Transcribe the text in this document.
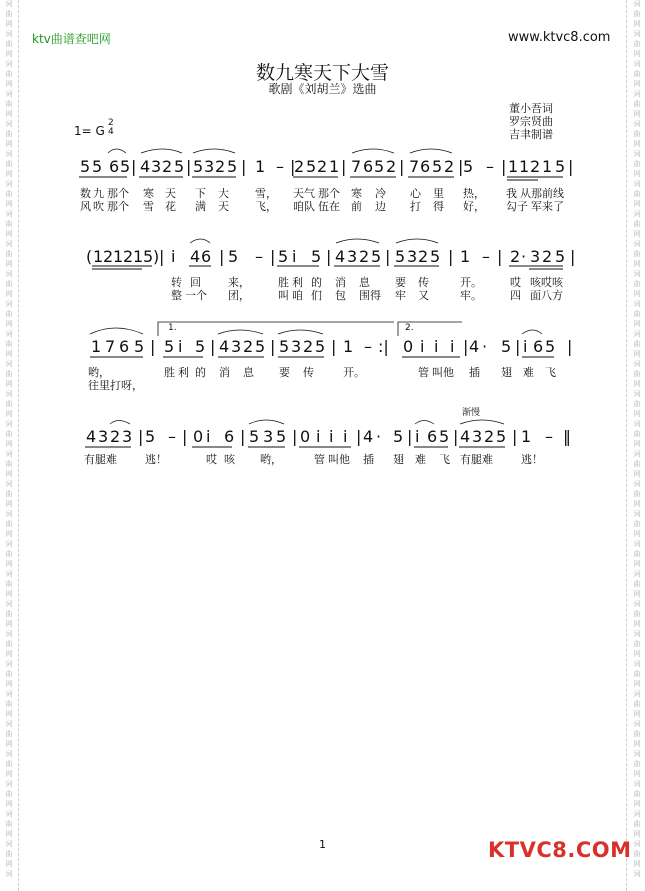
词
曲
网
词
曲
网
词
曲
网
词
曲
网
词
曲
网
词
曲
网
词
曲
网
词
曲
网
词
曲
网
词
曲
网
词
曲
网
词
曲
网
词
曲
网
词
曲
网
词
曲
网
词
曲
网
词
曲
网
词
曲
网
词
曲
网
词
曲
网
词
曲
网
词
曲
网
词
曲
网
词
曲
网
词
曲
网
词
曲
网
词
曲
网
词
曲
网
词
曲
网
词
词
曲
网
词
曲
网
词
曲
网
词
曲
网
词
曲
网
词
曲
网
词
曲
网
词
曲
网
词
曲
网
词
曲
网
词
曲
网
词
曲
网
词
曲
网
词
曲
网
词
曲
网
词
曲
网
词
曲
网
词
曲
网
词
曲
网
词
曲
网
词
曲
网
词
曲
网
词
曲
网
词
曲
网
词
曲
网
词
曲
网
词
曲
网
词
曲
网
词
曲
网
词
ktv曲谱查吧网	www.ktvc8.com
数九寒天下大雪
歌剧《刘胡兰》选曲
董小吾词
罗宗贤曲
吉聿制谱
1= G
2
4
1.	2.
渐慢
5 5 6 5 | 4 3 2 5 | 5 3 2 5 | 1 – |
2 5 2 1 | 7 6 5 2 | 7 6 5 2 | 5 – | 1 1 2 1 5 |
数 九 那个 寒 天 下 大 雪， 天气 那个 寒 冷 心 里 热， 我 从 那前线
风 吹 那个 雪 花 满 天 飞， 咱队 伍在 前 边 打 得 好， 勾子 军来了
( 1 2 1 2 1 5 ) | i 4 6 | 5 – | 5 i 5 | 4 3 2 5 | 5 3 2 5 | 1 – | 2 · 3 2 5 |
转 回 来，	胜 利 的 消 息 要 传	开。	哎 咳哎咳
整 一个 团，	叫 咱 们 包 围得 牢 又	牢。	四 面八方
1 7 6 5 | 5 i 5 | 4 3 2 5 | 5 3 2 5 | 1 – :| 0 i i i | 4 · 5 | i 6 5 |
哟，	胜 利 的 消 息 要 传	开。	管 叫他 插 翅 难 飞
往里打呀，
4 3 2 3 | 5 – | 0 i 6 | 5 3 5 | 0 i i i | 4 · 5 | i 6 5 | 4 3 2 5 | 1 – ‖
有腿难	逃！	哎 咳 哟，	管 叫他 插 翅 难 飞 有腿难	逃！
1	KTVC8.COM
